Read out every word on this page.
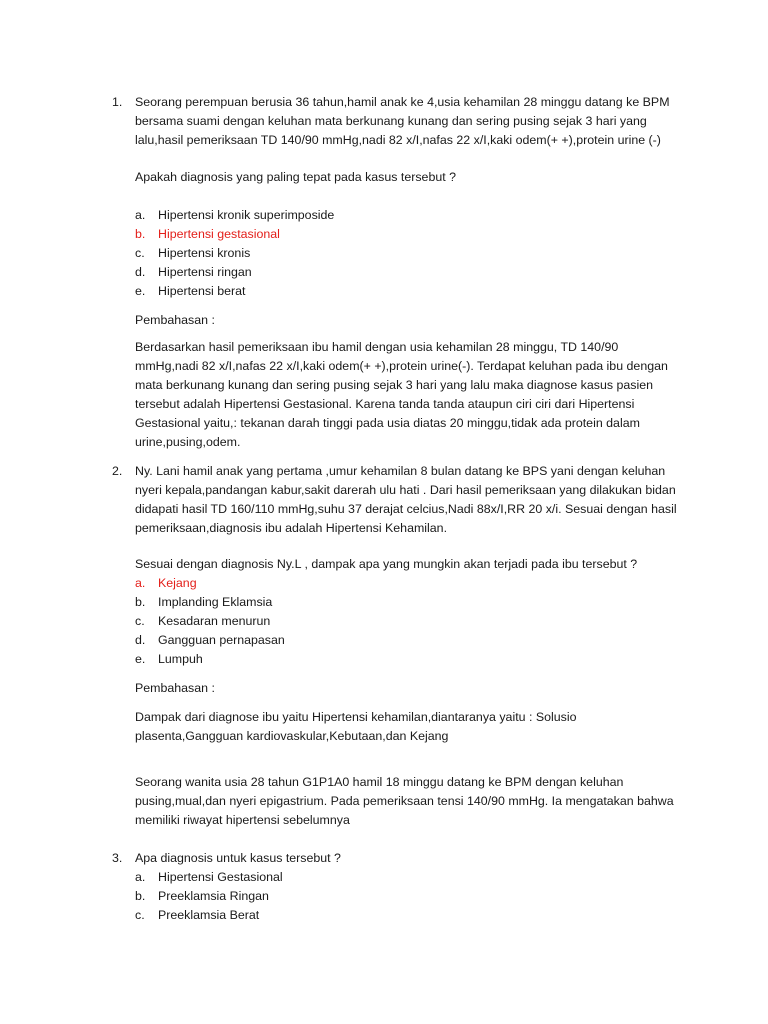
1. Seorang perempuan berusia 36 tahun,hamil anak ke 4,usia kehamilan 28 minggu datang ke BPM bersama suami dengan keluhan mata berkunang kunang dan sering pusing sejak 3 hari yang lalu,hasil pemeriksaan TD 140/90 mmHg,nadi 82 x/I,nafas 22 x/I,kaki odem(+ +),protein urine (-)

Apakah diagnosis yang paling tepat pada kasus tersebut ?

a. Hipertensi kronik superimposide
b. Hipertensi gestasional
c. Hipertensi kronis
d. Hipertensi ringan
e. Hipertensi berat

Pembahasan :

Berdasarkan hasil pemeriksaan ibu hamil dengan usia kehamilan 28 minggu, TD 140/90 mmHg,nadi 82 x/I,nafas 22 x/I,kaki odem(+ +),protein urine(-). Terdapat keluhan pada ibu dengan mata berkunang kunang dan sering pusing sejak 3 hari yang lalu maka diagnose kasus pasien tersebut adalah Hipertensi Gestasional. Karena tanda tanda ataupun ciri ciri dari Hipertensi Gestasional yaitu,: tekanan darah tinggi pada usia diatas 20 minggu,tidak ada protein dalam urine,pusing,odem.

2. Ny. Lani hamil anak yang pertama ,umur kehamilan 8 bulan datang ke BPS yani dengan keluhan nyeri kepala,pandangan kabur,sakit darerah ulu hati . Dari hasil pemeriksaan yang dilakukan bidan didapati hasil TD 160/110 mmHg,suhu 37 derajat celcius,Nadi 88x/I,RR 20 x/i. Sesuai dengan hasil pemeriksaan,diagnosis ibu adalah Hipertensi Kehamilan.

Sesuai dengan diagnosis Ny.L , dampak apa yang mungkin akan terjadi pada ibu tersebut ?

a. Kejang
b. Implanding Eklamsia
c. Kesadaran menurun
d. Gangguan pernapasan
e. Lumpuh

Pembahasan :

Dampak dari diagnose ibu yaitu Hipertensi kehamilan,diantaranya yaitu : Solusio plasenta,Gangguan kardiovaskular,Kebutaan,dan Kejang

Seorang wanita usia 28 tahun G1P1A0 hamil 18 minggu datang ke BPM dengan keluhan pusing,mual,dan nyeri epigastrium. Pada pemeriksaan tensi 140/90 mmHg. Ia mengatakan bahwa memiliki riwayat hipertensi sebelumnya

3. Apa diagnosis untuk kasus tersebut ?

a. Hipertensi Gestasional
b. Preeklamsia Ringan
c. Preeklamsia Berat
